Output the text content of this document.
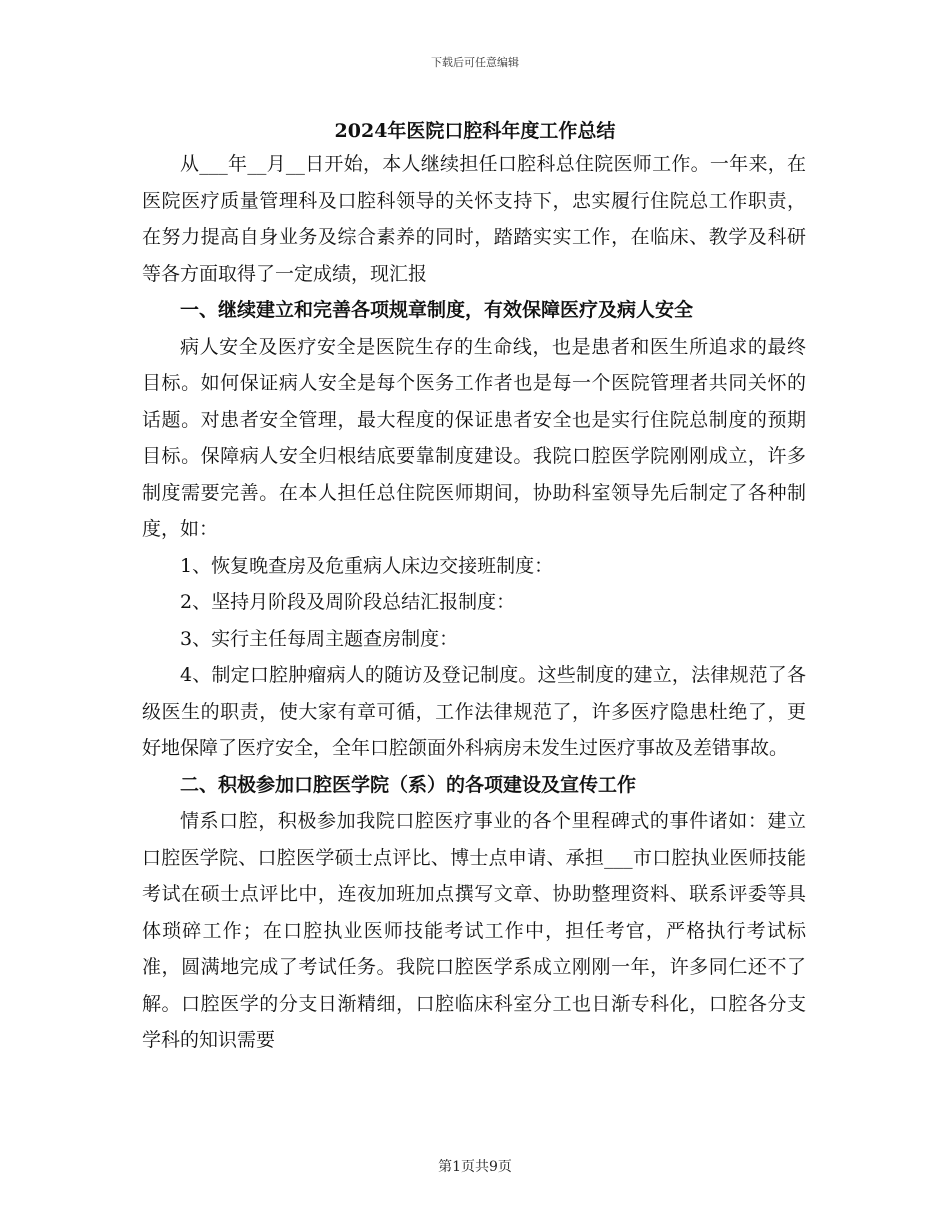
下载后可任意编辑
2024年医院口腔科年度工作总结

从___年__月__日开始，本人继续担任口腔科总住院医师工作。一年来，在医院医疗质量管理科及口腔科领导的关怀支持下，忠实履行住院总工作职责，在努力提高自身业务及综合素养的同时，踏踏实实工作，在临床、教学及科研等各方面取得了一定成绩，现汇报

一、继续建立和完善各项规章制度，有效保障医疗及病人安全

病人安全及医疗安全是医院生存的生命线，也是患者和医生所追求的最终目标。如何保证病人安全是每个医务工作者也是每一个医院管理者共同关怀的话题。对患者安全管理，最大程度的保证患者安全也是实行住院总制度的预期目标。保障病人安全归根结底要靠制度建设。我院口腔医学院刚刚成立，许多制度需要完善。在本人担任总住院医师期间，协助科室领导先后制定了各种制度，如：

1、恢复晚查房及危重病人床边交接班制度：

2、坚持月阶段及周阶段总结汇报制度：

3、实行主任每周主题查房制度：

4、制定口腔肿瘤病人的随访及登记制度。这些制度的建立，法律规范了各级医生的职责，使大家有章可循，工作法律规范了，许多医疗隐患杜绝了，更好地保障了医疗安全，全年口腔颌面外科病房未发生过医疗事故及差错事故。

二、积极参加口腔医学院（系）的各项建设及宣传工作

情系口腔，积极参加我院口腔医疗事业的各个里程碑式的事件诸如：建立口腔医学院、口腔医学硕士点评比、博士点申请、承担___市口腔执业医师技能考试在硕士点评比中，连夜加班加点撰写文章、协助整理资料、联系评委等具体琐碎工作；在口腔执业医师技能考试工作中，担任考官，严格执行考试标准，圆满地完成了考试任务。我院口腔医学系成立刚刚一年，许多同仁还不了解。口腔医学的分支日渐精细，口腔临床科室分工也日渐专科化，口腔各分支学科的知识需要

第1页共9页
